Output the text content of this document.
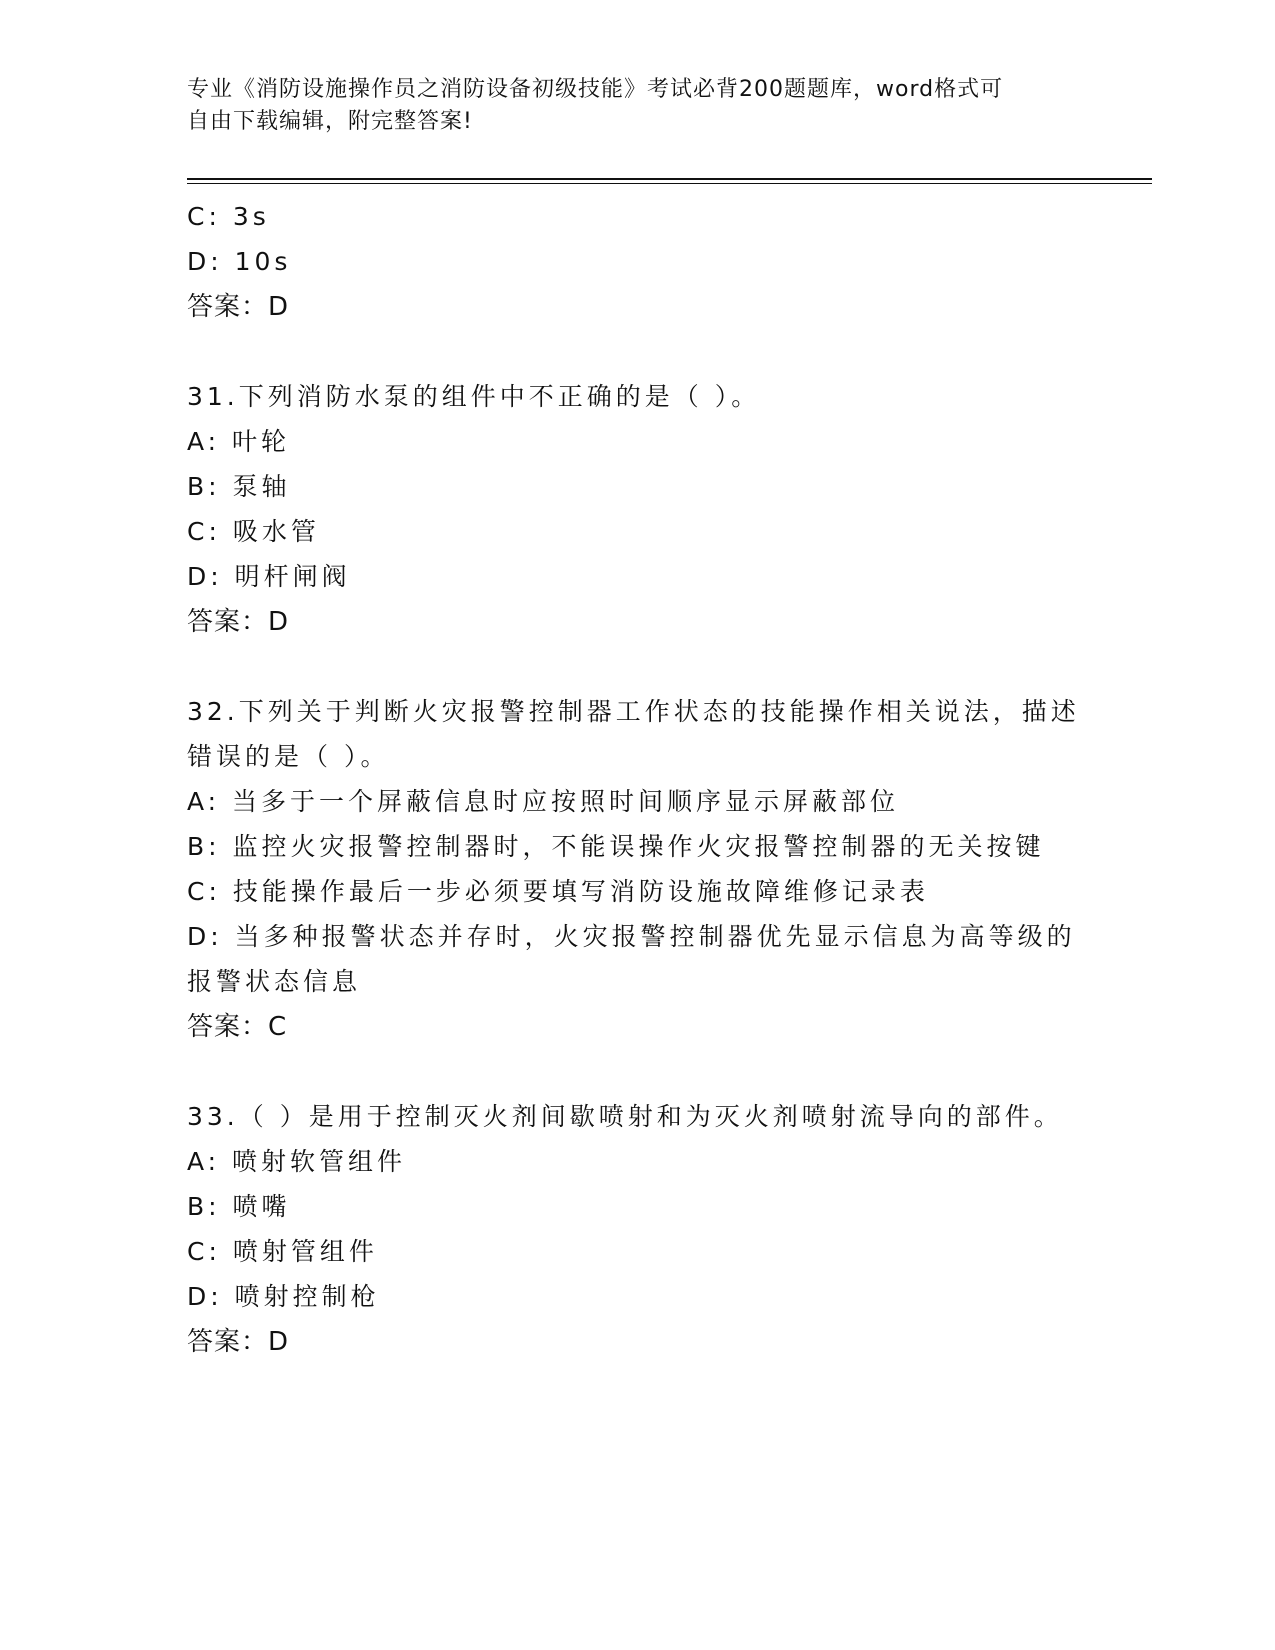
专业《消防设施操作员之消防设备初级技能》考试必背200题题库，word格式可
自由下载编辑，附完整答案!
C: 3s
D: 10s
答案：D
31.下列消防水泵的组件中不正确的是（ ）。
A: 叶轮
B: 泵轴
C: 吸水管
D: 明杆闸阀
答案：D
32.下列关于判断火灾报警控制器工作状态的技能操作相关说法，描述
错误的是（ ）。
A: 当多于一个屏蔽信息时应按照时间顺序显示屏蔽部位
B: 监控火灾报警控制器时，不能误操作火灾报警控制器的无关按键
C: 技能操作最后一步必须要填写消防设施故障维修记录表
D: 当多种报警状态并存时，火灾报警控制器优先显示信息为高等级的
报警状态信息
答案：C
33.（ ）是用于控制灭火剂间歇喷射和为灭火剂喷射流导向的部件。
A: 喷射软管组件
B: 喷嘴
C: 喷射管组件
D: 喷射控制枪
答案：D
